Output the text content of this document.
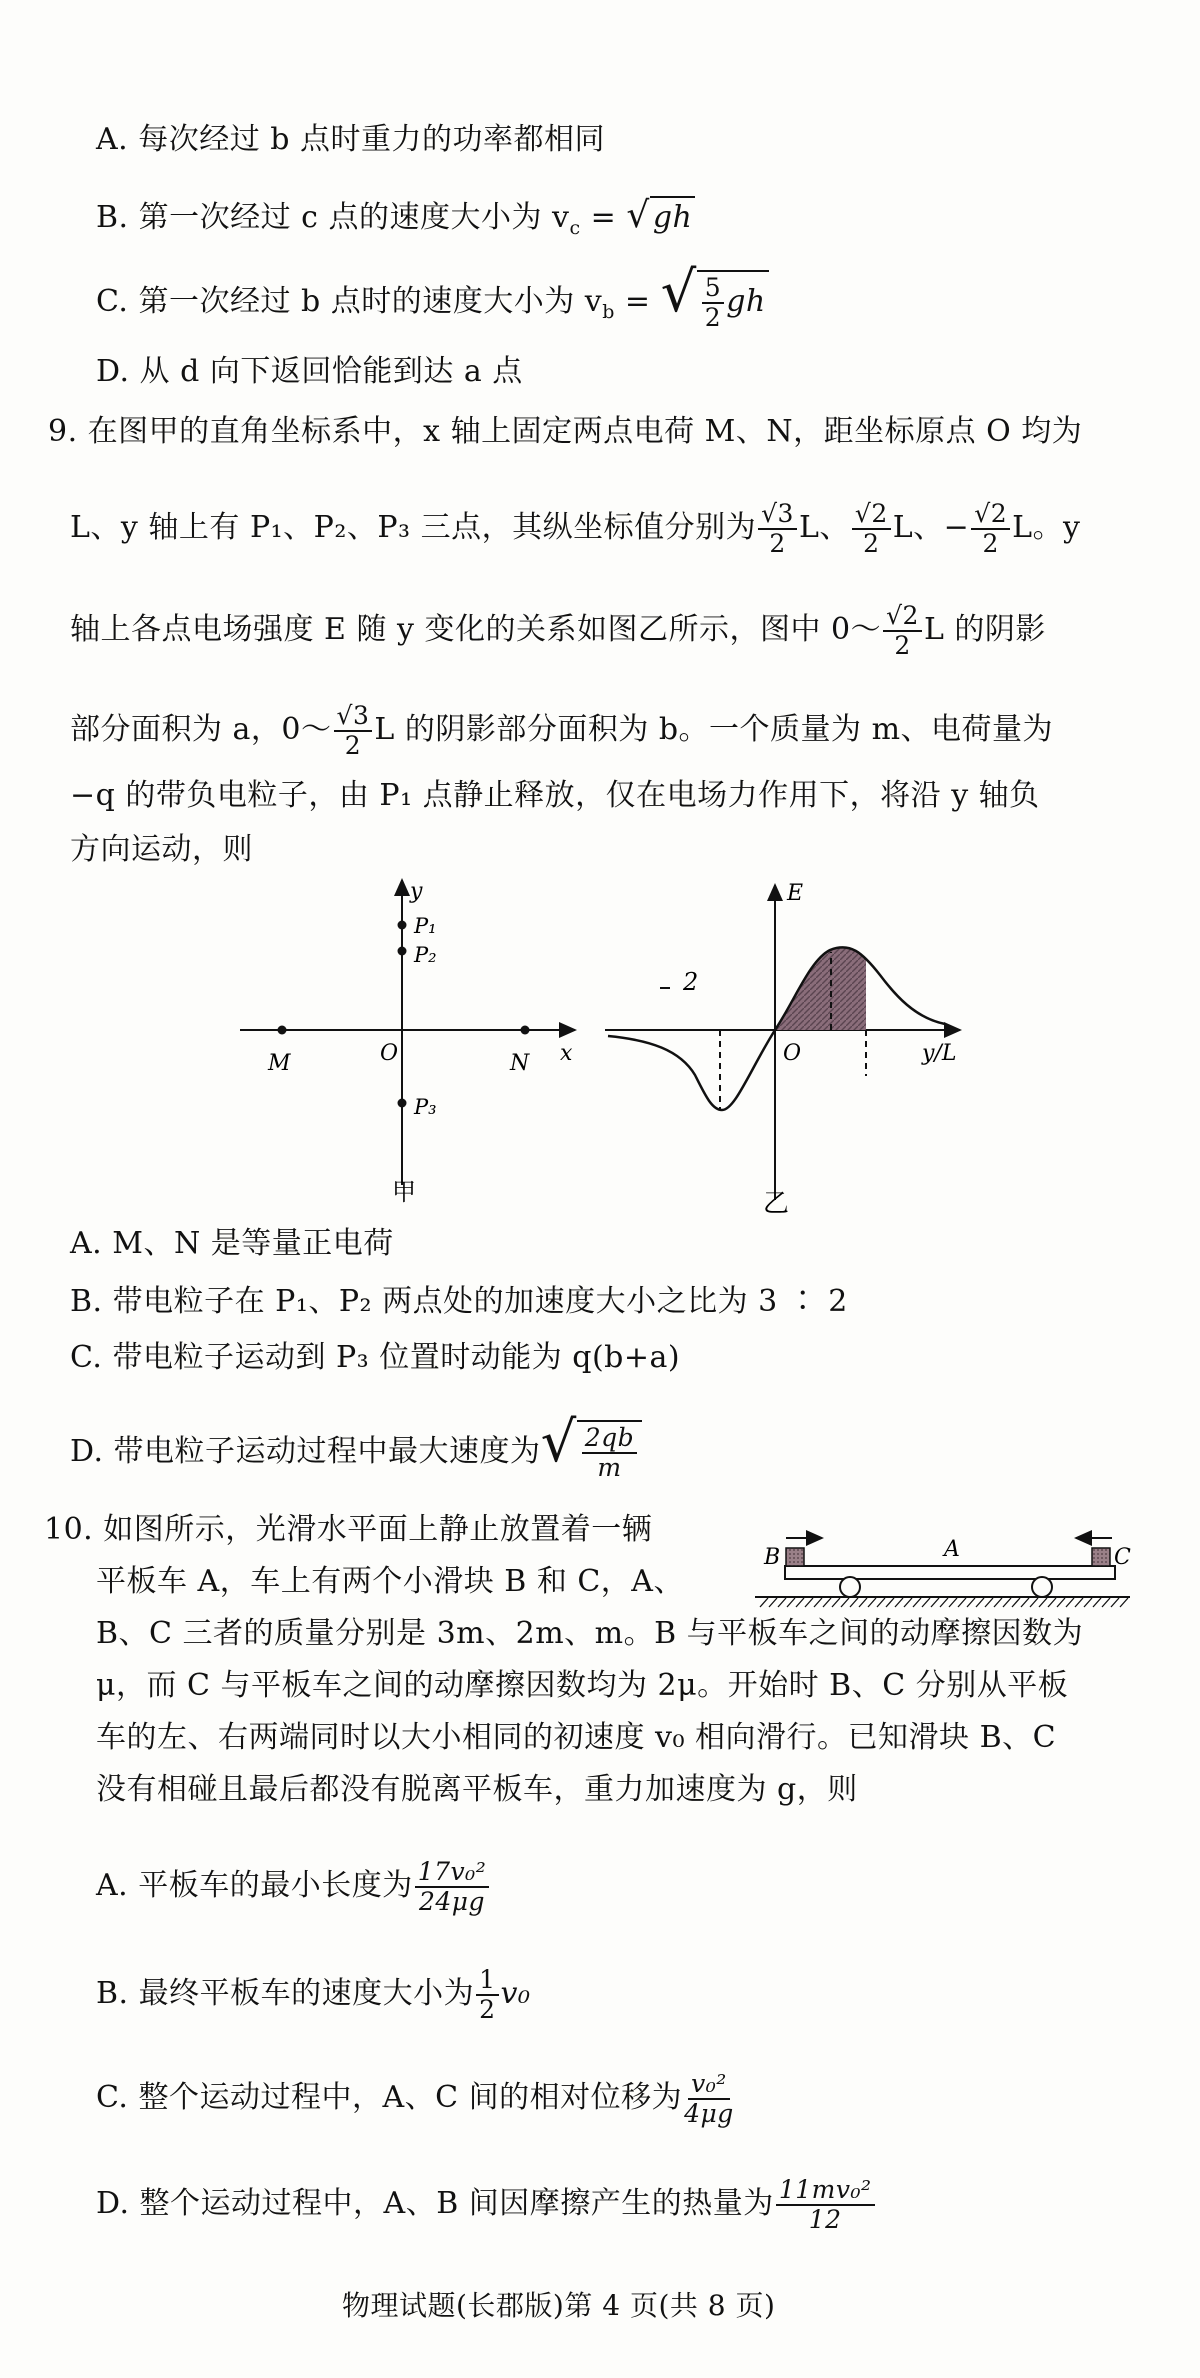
A. 每次经过 b 点时重力的功率都相同
B. 第一次经过 c 点的速度大小为 $v_c$ = √ gh
C. 第一次经过 b 点时的速度大小为 $v_b$ = √ $\frac{5}{2}$ gh
D. 从 d 向下返回恰能到达 a 点
9. 在图甲的直角坐标系中，x 轴上固定两点电荷 M、N，距坐标原点 O 均为
L、y 轴上有 P₁、P₂、P₃ 三点，其纵坐标值分别为 $\frac{√3}{2}$ L、 $\frac{√2}{2}$ L、− $\frac{√2}{2}$ L。y
轴上各点电场强度 E 随 y 变化的关系如图乙所示，图中 0～ $\frac{√2}{2}$ L 的阴影
部分面积为 a，0～ $\frac{√3}{2}$ L 的阴影部分面积为 b。一个质量为 m、电荷量为
−q 的带负电粒子，由 P₁ 点静止释放，仅在电场力作用下，将沿 y 轴负
方向运动，则
y
x
O
M	N
P₁
P₂
P₃
甲
E
O	y/L
2
乙
A. M、N 是等量正电荷
B. 带电粒子在 P₁、P₂ 两点处的加速度大小之比为 3 ∶ 2
C. 带电粒子运动到 P₃ 位置时动能为 q(b+a)
D. 带电粒子运动过程中最大速度为√ $\frac{2qb}{m}$
10. 如图所示，光滑水平面上静止放置着一辆
平板车 A，车上有两个小滑块 B 和 C，A、
B、C 三者的质量分别是 3m、2m、m。B 与平板车之间的动摩擦因数为
μ，而 C 与平板车之间的动摩擦因数均为 2μ。开始时 B、C 分别从平板
车的左、右两端同时以大小相同的初速度 v₀ 相向滑行。已知滑块 B、C
没有相碰且最后都没有脱离平板车，重力加速度为 g，则
B	C
A
A. 平板车的最小长度为 $\frac{\text{17v₀²}}{24\mu g}$
B. 最终平板车的速度大小为 $\frac{1}{2} v_0$
C. 整个运动过程中，A、C 间的相对位移为 $\frac{\text{v₀²}}{4\mu g}$
D. 整个运动过程中，A、B 间因摩擦产生的热量为 $\frac{\text{11mv₀²}}{12}$
物理试题(长郡版)第 4 页(共 8 页)
